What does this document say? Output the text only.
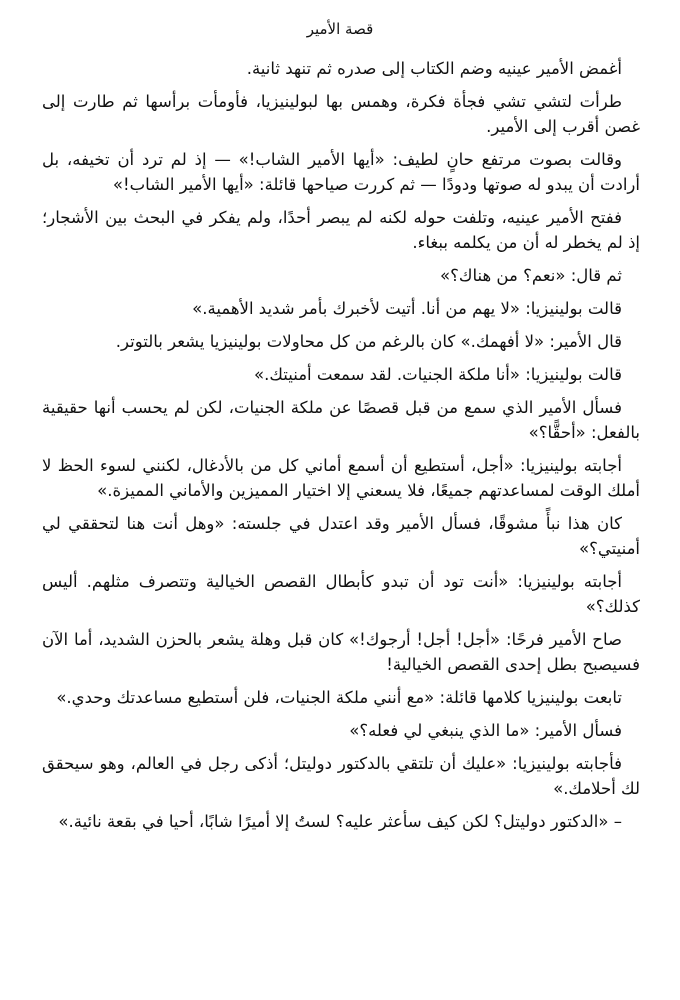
قصة الأمير

أغمض الأمير عينيه وضم الكتاب إلى صدره ثم تنهد ثانية.

طرأت لتشي تشي فجأة فكرة، وهمس بها لبولينيزيا، فأومأت برأسها ثم طارت إلى غصن أقرب إلى الأمير.

وقالت بصوت مرتفع حانٍ لطيف: «أيها الأمير الشاب!» — إذ لم ترد أن تخيفه، بل أرادت أن يبدو له صوتها ودودًا — ثم كررت صياحها قائلة: «أيها الأمير الشاب!»

ففتح الأمير عينيه، وتلفت حوله لكنه لم يبصر أحدًا، ولم يفكر في البحث بين الأشجار؛ إذ لم يخطر له أن من يكلمه ببغاء.

ثم قال: «نعم؟ من هناك؟»

قالت بولينيزيا: «لا يهم من أنا. أتيت لأخبرك بأمر شديد الأهمية.»

قال الأمير: «لا أفهمك.» كان بالرغم من كل محاولات بولينيزيا يشعر بالتوتر.

قالت بولينيزيا: «أنا ملكة الجنيات. لقد سمعت أمنيتك.»

فسأل الأمير الذي سمع من قبل قصصًا عن ملكة الجنيات، لكن لم يحسب أنها حقيقية بالفعل: «أحقًّا؟»

أجابته بولينيزيا: «أجل، أستطيع أن أسمع أماني كل من بالأدغال، لكنني لسوء الحظ لا أملك الوقت لمساعدتهم جميعًا، فلا يسعني إلا اختيار المميزين والأماني المميزة.»

كان هذا نبأً مشوقًا، فسأل الأمير وقد اعتدل في جلسته: «وهل أنت هنا لتحققي لي أمنيتي؟»

أجابته بولينيزيا: «أنت تود أن تبدو كأبطال القصص الخيالية وتتصرف مثلهم. أليس كذلك؟»

صاح الأمير فرحًا: «أجل! أجل! أرجوك!» كان قبل وهلة يشعر بالحزن الشديد، أما الآن فسيصبح بطل إحدى القصص الخيالية!

تابعت بولينيزيا كلامها قائلة: «مع أنني ملكة الجنيات، فلن أستطيع مساعدتك وحدي.»

فسأل الأمير: «ما الذي ينبغي لي فعله؟»

فأجابته بولينيزيا: «عليك أن تلتقي بالدكتور دوليتل؛ أذكى رجل في العالم، وهو سيحقق لك أحلامك.»

– «الدكتور دوليتل؟ لكن كيف سأعثر عليه؟ لستُ إلا أميرًا شابًا، أحيا في بقعة نائية.»
